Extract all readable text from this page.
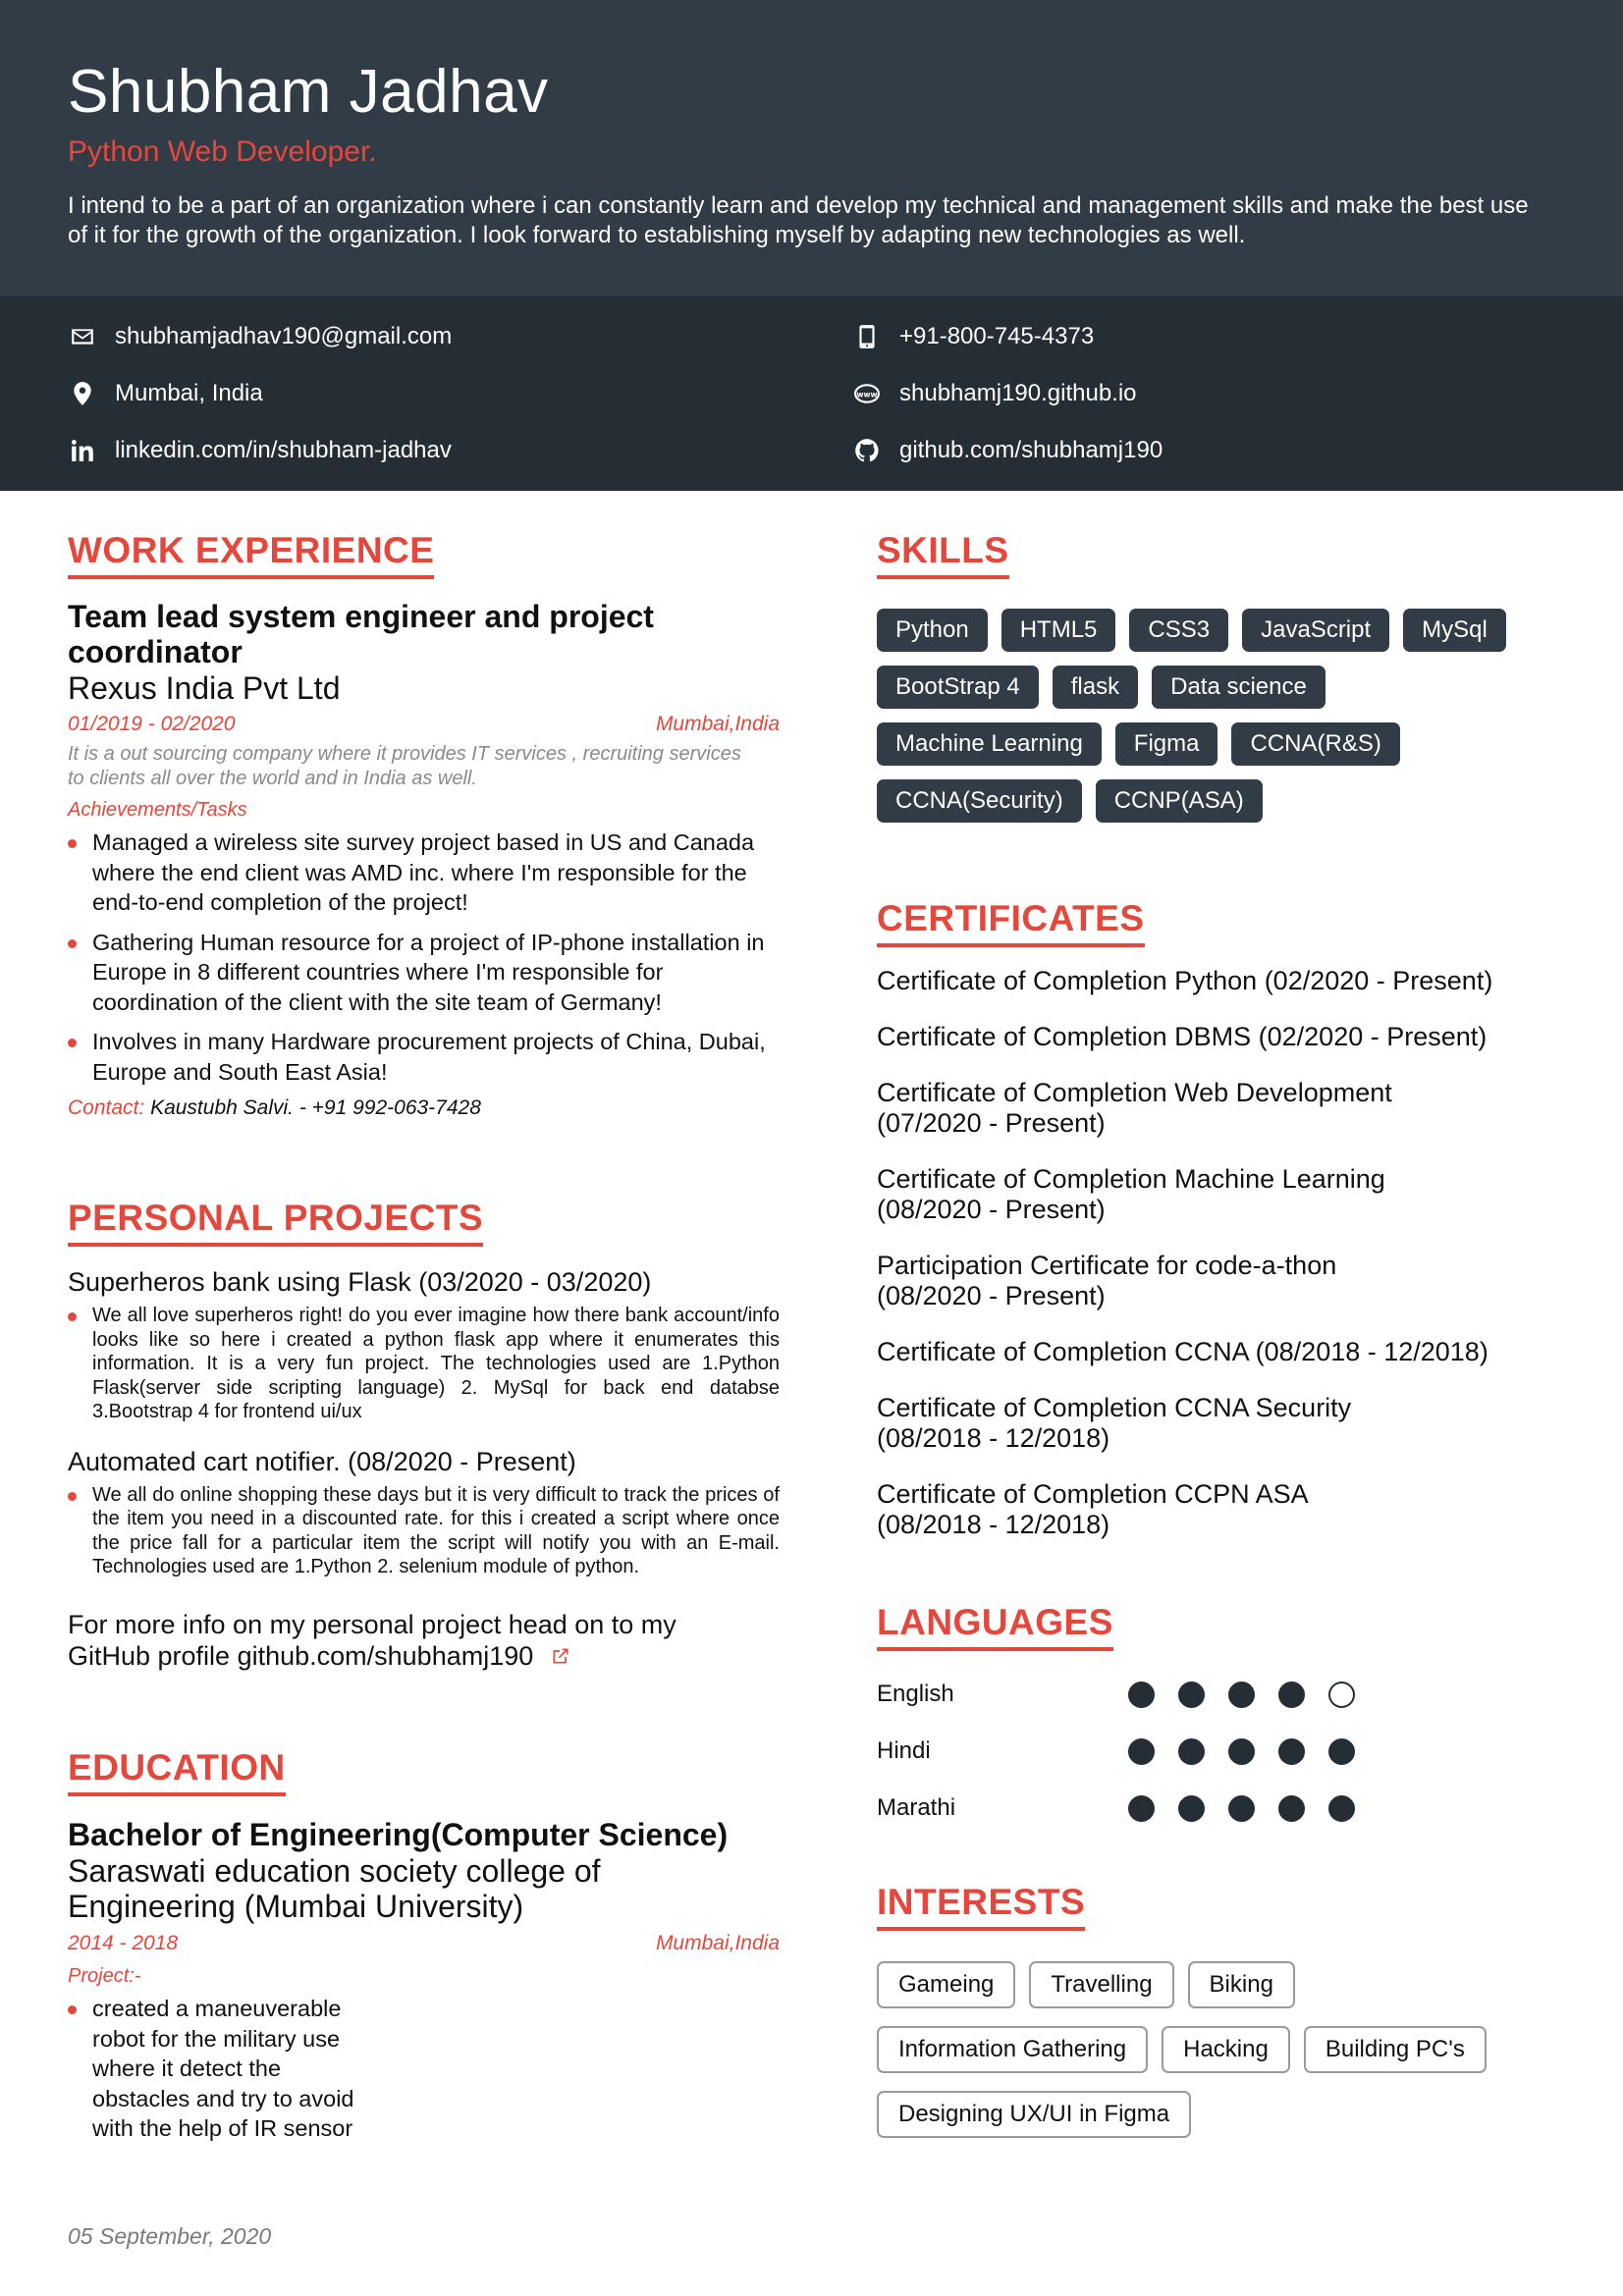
Shubham Jadhav
Python Web Developer.
I intend to be a part of an organization where i can constantly learn and develop my technical and management skills and make the best use of it for the growth of the organization. I look forward to establishing myself by adapting new technologies as well.
shubhamjadhav190@gmail.com	+91-800-745-4373
Mumbai, India	www shubhamj190.github.io
linkedin.com/in/shubham-jadhav	github.com/shubhamj190
WORK EXPERIENCE
Team lead system engineer and project coordinator
Rexus India Pvt Ltd
01/2019 - 02/2020	Mumbai,India
It is a out sourcing company where it provides IT services , recruiting services to clients all over the world and in India as well.
Achievements/Tasks
Managed a wireless site survey project based in US and Canada where the end client was AMD inc. where I'm responsible for the end-to-end completion of the project!
Gathering Human resource for a project of IP-phone installation in Europe in 8 different countries where I'm responsible for coordination of the client with the site team of Germany!
Involves in many Hardware procurement projects of China, Dubai, Europe and South East Asia!
Contact: Kaustubh Salvi. - +91 992-063-7428
PERSONAL PROJECTS
Superheros bank using Flask (03/2020 - 03/2020)
We all love superheros right! do you ever imagine how there bank account/info looks like so here i created a python flask app where it enumerates this information. It is a very fun project. The technologies used are 1.Python Flask(server side scripting language) 2. MySql for back end databse 3.Bootstrap 4 for frontend ui/ux
Automated cart notifier. (08/2020 - Present)
We all do online shopping these days but it is very difficult to track the prices of the item you need in a discounted rate. for this i created a script where once the price fall for a particular item the script will notify you with an E-mail. Technologies used are 1.Python 2. selenium module of python.
For more info on my personal project head on to my GitHub profile github.com/shubhamj190
EDUCATION
Bachelor of Engineering(Computer Science)
Saraswati education society college of Engineering (Mumbai University)
2014 - 2018	Mumbai,India
Project:-
created a maneuverable robot for the military use where it detect the obstacles and try to avoid with the help of IR sensor
SKILLS
Python	HTML5	CSS3	JavaScript	MySql
BootStrap 4	flask	Data science
Machine Learning	Figma	CCNA(R&S)
CCNA(Security)	CCNP(ASA)
CERTIFICATES
Certificate of Completion Python (02/2020 - Present)
Certificate of Completion DBMS (02/2020 - Present)
Certificate of Completion Web Development
(07/2020 - Present)
Certificate of Completion Machine Learning
(08/2020 - Present)
Participation Certificate for code-a-thon
(08/2020 - Present)
Certificate of Completion CCNA (08/2018 - 12/2018)
Certificate of Completion CCNA Security
(08/2018 - 12/2018)
Certificate of Completion CCPN ASA
(08/2018 - 12/2018)
LANGUAGES
English
Hindi
Marathi
INTERESTS
Gameing	Travelling	Biking
Information Gathering	Hacking	Building PC's
Designing UX/UI in Figma
05 September, 2020
